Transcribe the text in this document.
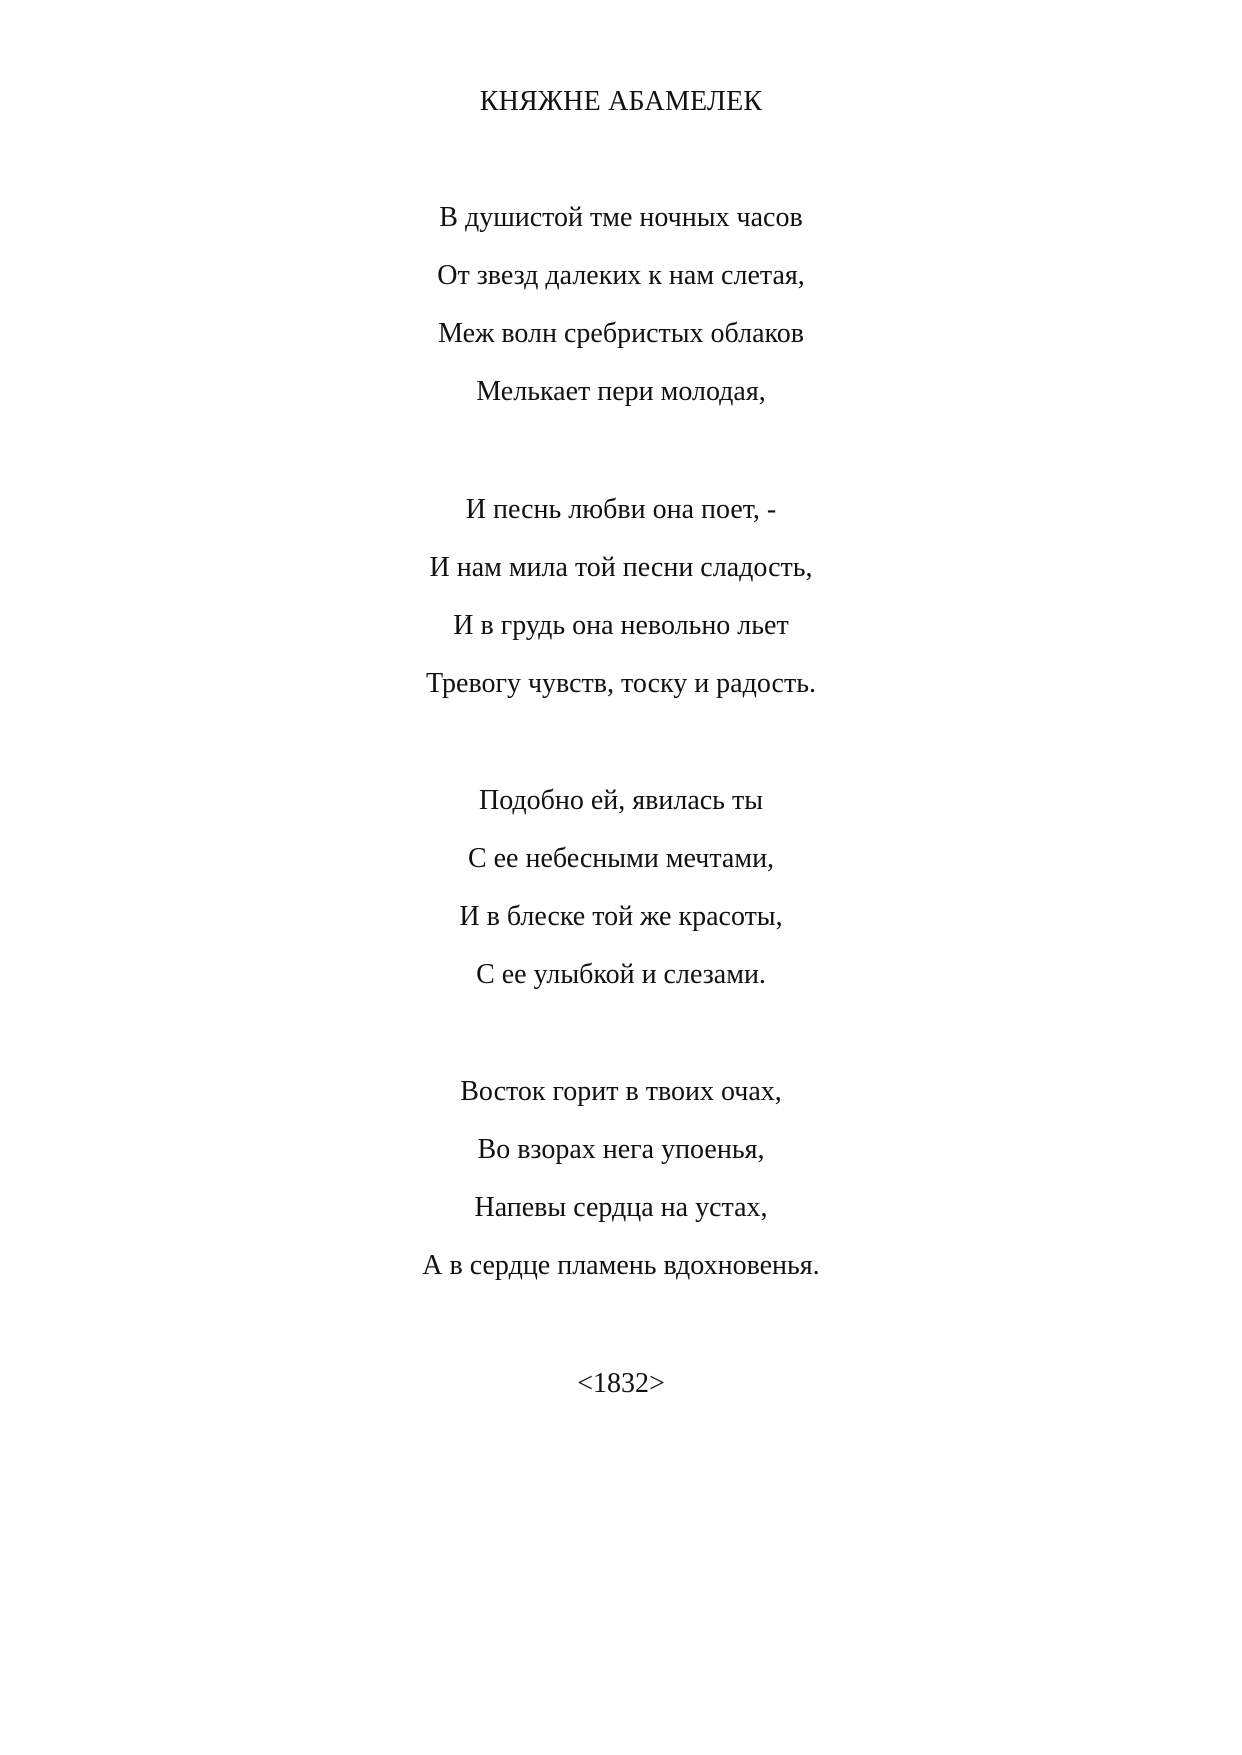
КНЯЖНЕ АБАМЕЛЕК
В душистой тме ночных часов
От звезд далеких к нам слетая,
Меж волн сребристых облаков
Мелькает пери молодая,
И песнь любви она поет, -
И нам мила той песни сладость,
И в грудь она невольно льет
Тревогу чувств, тоску и радость.
Подобно ей, явилась ты
С ее небесными мечтами,
И в блеске той же красоты,
С ее улыбкой и слезами.
Восток горит в твоих очах,
Во взорах нега упоенья,
Напевы сердца на устах,
А в сердце пламень вдохновенья.
<1832>
